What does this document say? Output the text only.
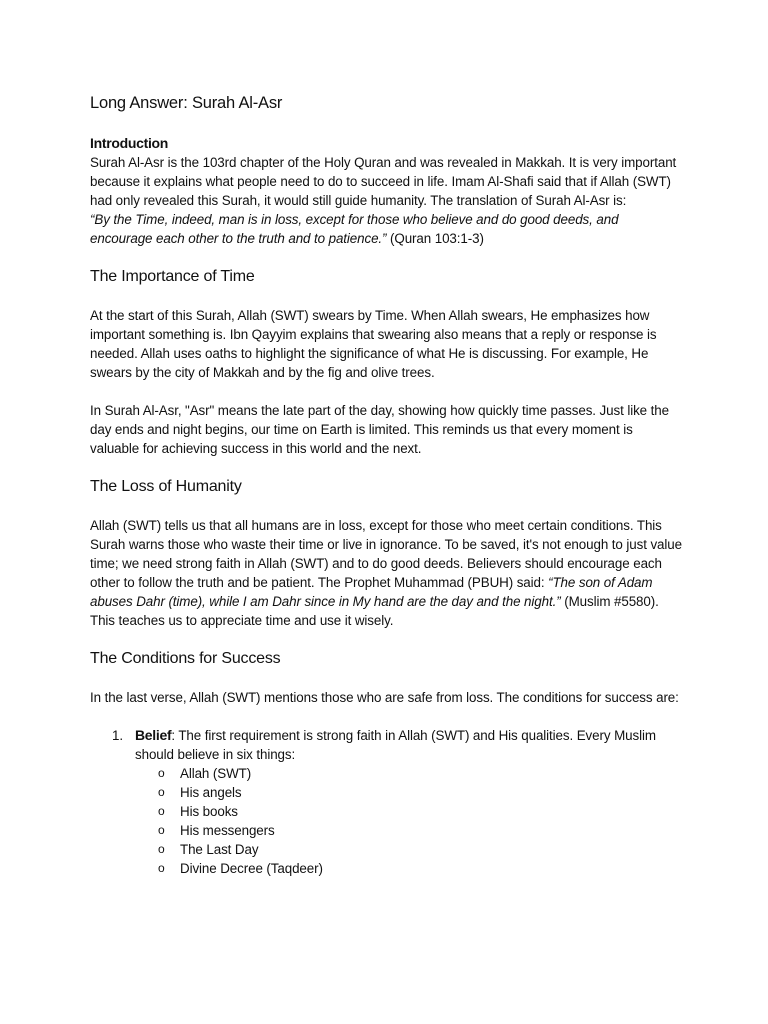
Long Answer: Surah Al-Asr
Introduction

Surah Al-Asr is the 103rd chapter of the Holy Quran and was revealed in Makkah. It is very important because it explains what people need to do to succeed in life. Imam Al-Shafi said that if Allah (SWT) had only revealed this Surah, it would still guide humanity. The translation of Surah Al-Asr is:
“By the Time, indeed, man is in loss, except for those who believe and do good deeds, and encourage each other to the truth and to patience.” (Quran 103:1-3)

The Importance of Time

At the start of this Surah, Allah (SWT) swears by Time. When Allah swears, He emphasizes how important something is. Ibn Qayyim explains that swearing also means that a reply or response is needed. Allah uses oaths to highlight the significance of what He is discussing. For example, He swears by the city of Makkah and by the fig and olive trees.

In Surah Al-Asr, "Asr" means the late part of the day, showing how quickly time passes. Just like the day ends and night begins, our time on Earth is limited. This reminds us that every moment is valuable for achieving success in this world and the next.

The Loss of Humanity

Allah (SWT) tells us that all humans are in loss, except for those who meet certain conditions. This Surah warns those who waste their time or live in ignorance. To be saved, it's not enough to just value time; we need strong faith in Allah (SWT) and to do good deeds. Believers should encourage each other to follow the truth and be patient. The Prophet Muhammad (PBUH) said: “The son of Adam abuses Dahr (time), while I am Dahr since in My hand are the day and the night.” (Muslim #5580). This teaches us to appreciate time and use it wisely.

The Conditions for Success

In the last verse, Allah (SWT) mentions those who are safe from loss. The conditions for success are:

1. Belief: The first requirement is strong faith in Allah (SWT) and His qualities. Every Muslim should believe in six things:
o Allah (SWT)
o His angels
o His books
o His messengers
o The Last Day
o Divine Decree (Taqdeer)
